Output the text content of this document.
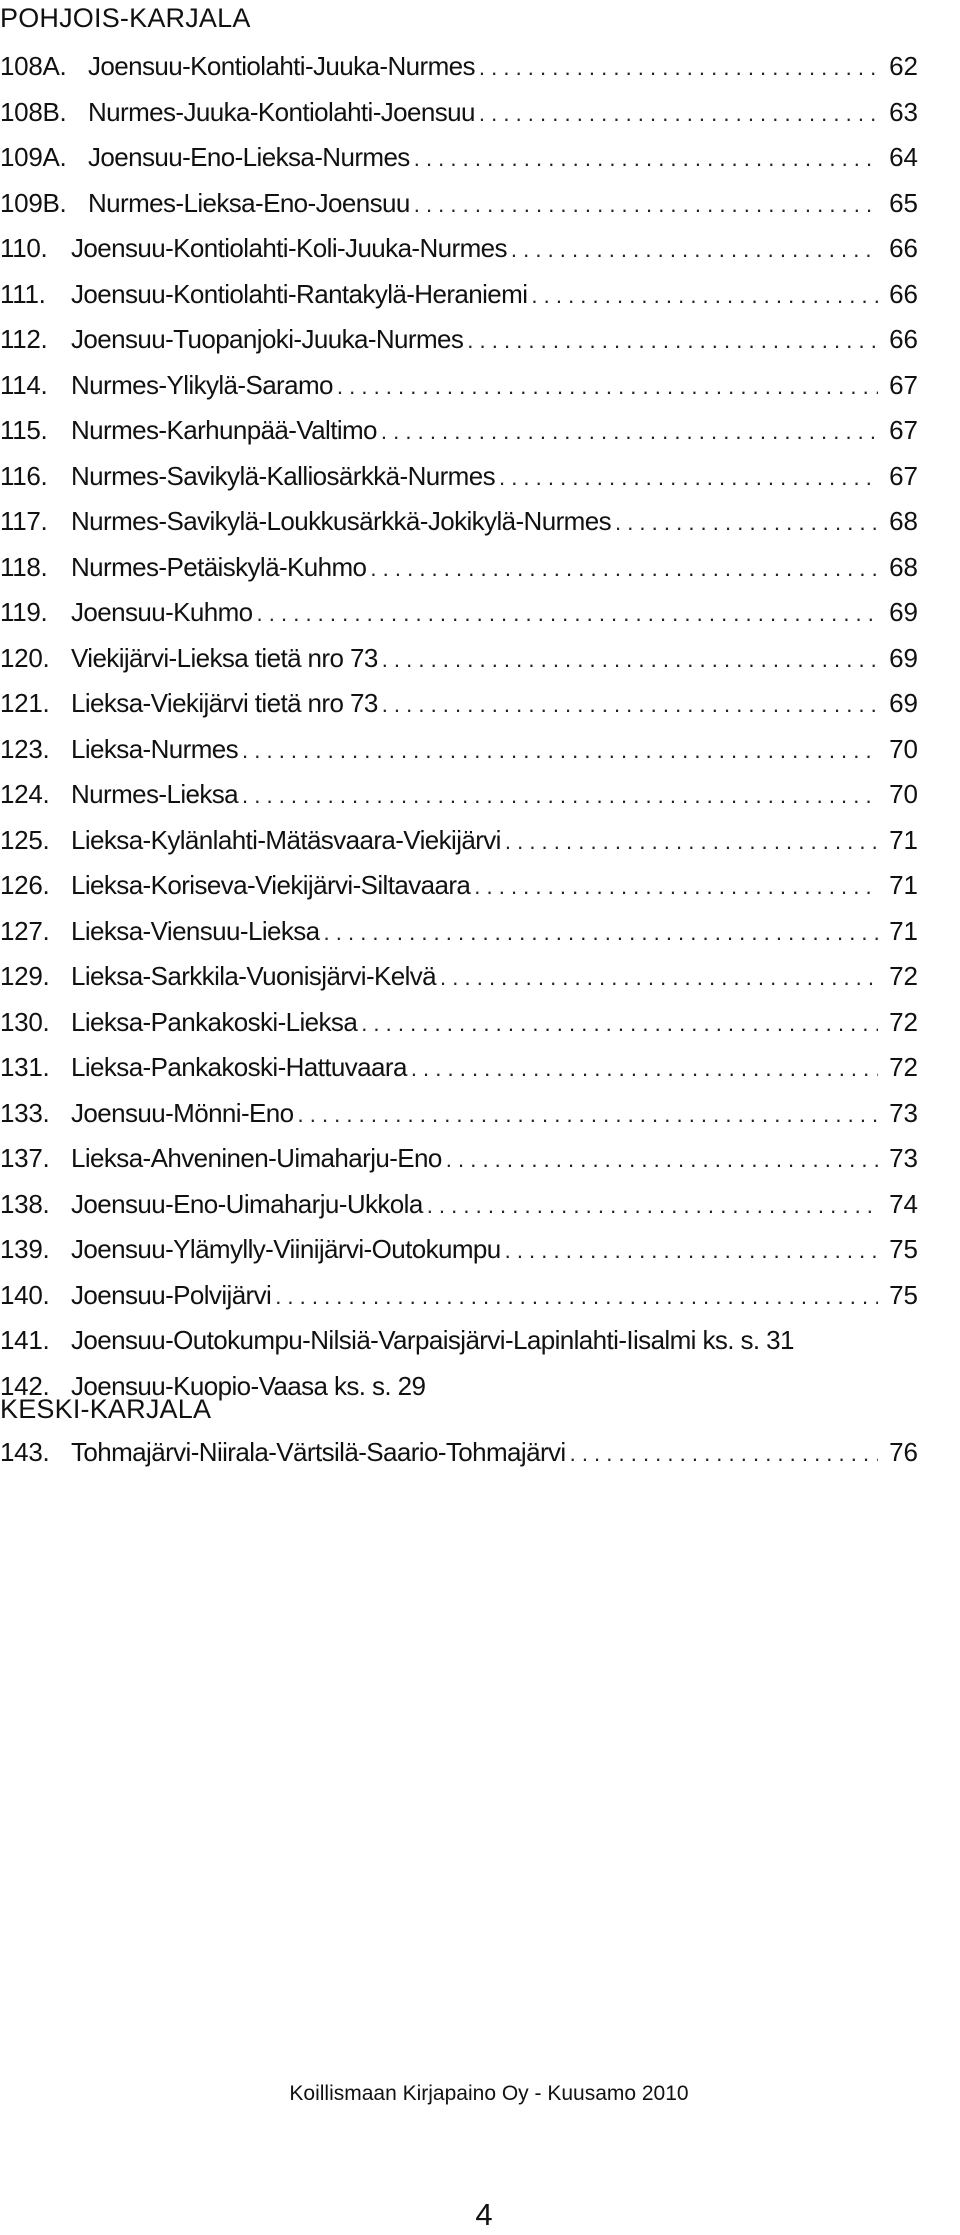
POHJOIS-KARJALA
108A. Joensuu-Kontiolahti-Juuka-Nurmes . . .	62
108B. Nurmes-Juuka-Kontiolahti-Joensuu . . .	63
109A. Joensuu-Eno-Lieksa-Nurmes . . .	64
109B. Nurmes-Lieksa-Eno-Joensuu . . .	65
110. Joensuu-Kontiolahti-Koli-Juuka-Nurmes . . .	66
111. Joensuu-Kontiolahti-Rantakylä-Heraniemi . . .	66
112. Joensuu-Tuopanjoki-Juuka-Nurmes . . .	66
114. Nurmes-Ylikylä-Saramo . . .	67
115. Nurmes-Karhunpää-Valtimo . . .	67
116. Nurmes-Savikylä-Kalliosärkkä-Nurmes . . .	67
117. Nurmes-Savikylä-Loukkusärkkä-Jokikylä-Nurmes . . .	68
118. Nurmes-Petäiskylä-Kuhmo . . .	68
119. Joensuu-Kuhmo . . .	69
120. Viekijärvi-Lieksa tietä nro 73 . . .	69
121. Lieksa-Viekijärvi tietä nro 73 . . .	69
123. Lieksa-Nurmes . . .	70
124. Nurmes-Lieksa . . .	70
125. Lieksa-Kylänlahti-Mätäsvaara-Viekijärvi . . .	71
126. Lieksa-Koriseva-Viekijärvi-Siltavaara . . .	71
127. Lieksa-Viensuu-Lieksa . . .	71
129. Lieksa-Sarkkila-Vuonisjärvi-Kelvä . . .	72
130. Lieksa-Pankakoski-Lieksa . . .	72
131. Lieksa-Pankakoski-Hattuvaara . . .	72
133. Joensuu-Mönni-Eno . . .	73
137. Lieksa-Ahveninen-Uimaharju-Eno . . .	73
138. Joensuu-Eno-Uimaharju-Ukkola . . .	74
139. Joensuu-Ylämylly-Viinijärvi-Outokumpu . . .	75
140. Joensuu-Polvijärvi . . .	75
141. Joensuu-Outokumpu-Nilsiä-Varpaisjärvi-Lapinlahti-Iisalmi ks. s. 31
142. Joensuu-Kuopio-Vaasa ks. s. 29
KESKI-KARJALA
143. Tohmajärvi-Niirala-Värtsilä-Saario-Tohmajärvi . . .	76
Koillismaan Kirjapaino Oy - Kuusamo 2010
4
